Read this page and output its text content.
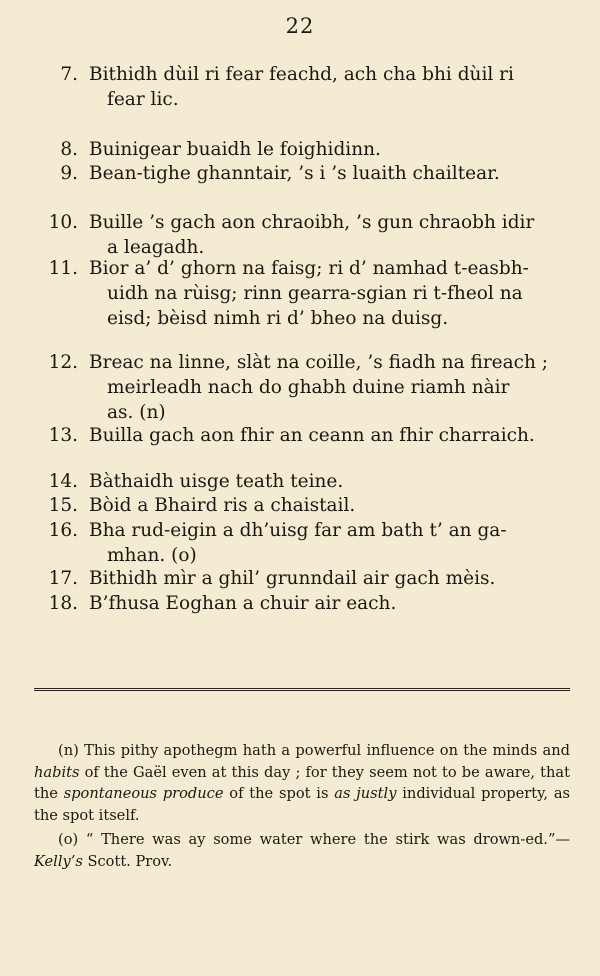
22
7. Bithidh dùil ri fear feachd, ach cha bhi dùil ri
fear lic.
8. Buinigear buaidh le foighidinn.
9. Bean-tighe ghanntair, ’s i ’s luaith chailtear.
10. Buille ’s gach aon chraoibh, ’s gun chraobh idir
a leagadh.
11. Bior a’ d’ ghorn na faisg; ri d’ namhad t-easbh-
uidh na rùisg; rinn gearra-sgian ri t-fheol na
eisd; bèisd nimh ri d’ bheo na duisg.
12. Breac na linne, slàt na coille, ’s fiadh na fireach ;
meirleadh nach do ghabh duine riamh nàir
as. (n)
13. Builla gach aon fhir an ceann an fhir charraich.
14. Bàthaidh uisge teath teine.
15. Bòid a Bhaird ris a chaistail.
16. Bha rud-eigin a dh’uisg far am bath t’ an ga-
mhan. (o)
17. Bithidh mìr a ghil’ grunndail air gach mèis.
18. B’fhusa Eoghan a chuir air each.
(n) This pithy apothegm hath a powerful influence on the minds and habits of the Gaël even at this day ; for they seem not to be aware, that the spontaneous produce of the spot is as justly individual property, as the spot itself.
(o) “ There was ay some water where the stirk was drown-ed.”—Kelly’s Scott. Prov.
